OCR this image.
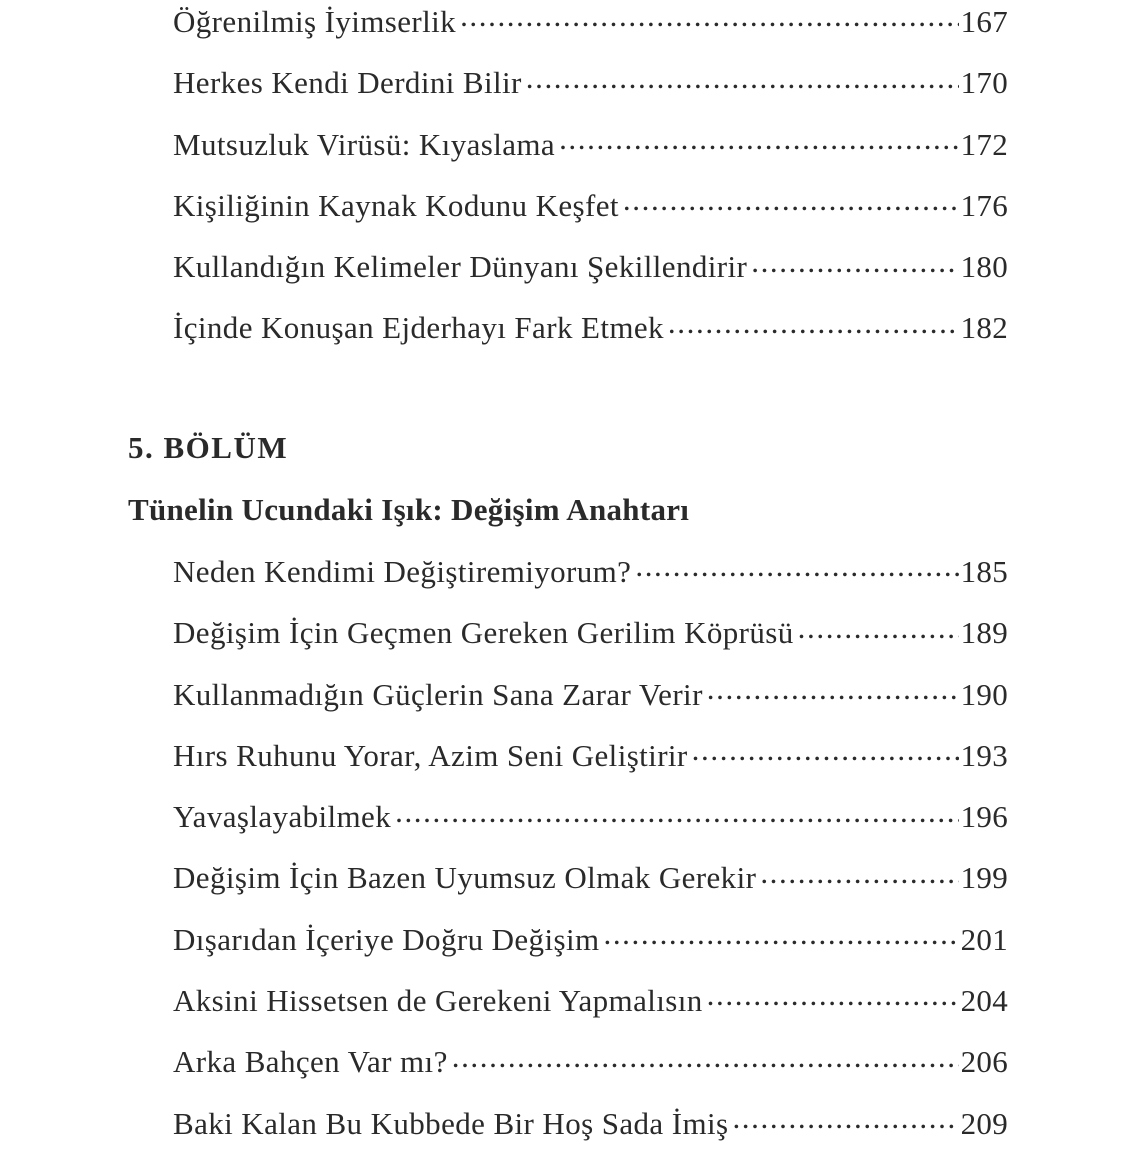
Öğrenilmiş İyimserlik .....	167
Herkes Kendi Derdini Bilir .....	170
Mutsuzluk Virüsü: Kıyaslama .....	172
Kişiliğinin Kaynak Kodunu Keşfet .....	176
Kullandığın Kelimeler Dünyanı Şekillendirir .....	180
İçinde Konuşan Ejderhayı Fark Etmek .....	182
5. BÖLÜM
Tünelin Ucundaki Işık: Değişim Anahtarı
Neden Kendimi Değiştiremiyorum? .....	185
Değişim İçin Geçmen Gereken Gerilim Köprüsü .....	189
Kullanmadığın Güçlerin Sana Zarar Verir .....	190
Hırs Ruhunu Yorar, Azim Seni Geliştirir .....	193
Yavaşlayabilmek .....	196
Değişim İçin Bazen Uyumsuz Olmak Gerekir .....	199
Dışarıdan İçeriye Doğru Değişim .....	201
Aksini Hissetsen de Gerekeni Yapmalısın .....	204
Arka Bahçen Var mı? .....	206
Baki Kalan Bu Kubbede Bir Hoş Sada İmiş .....	209
